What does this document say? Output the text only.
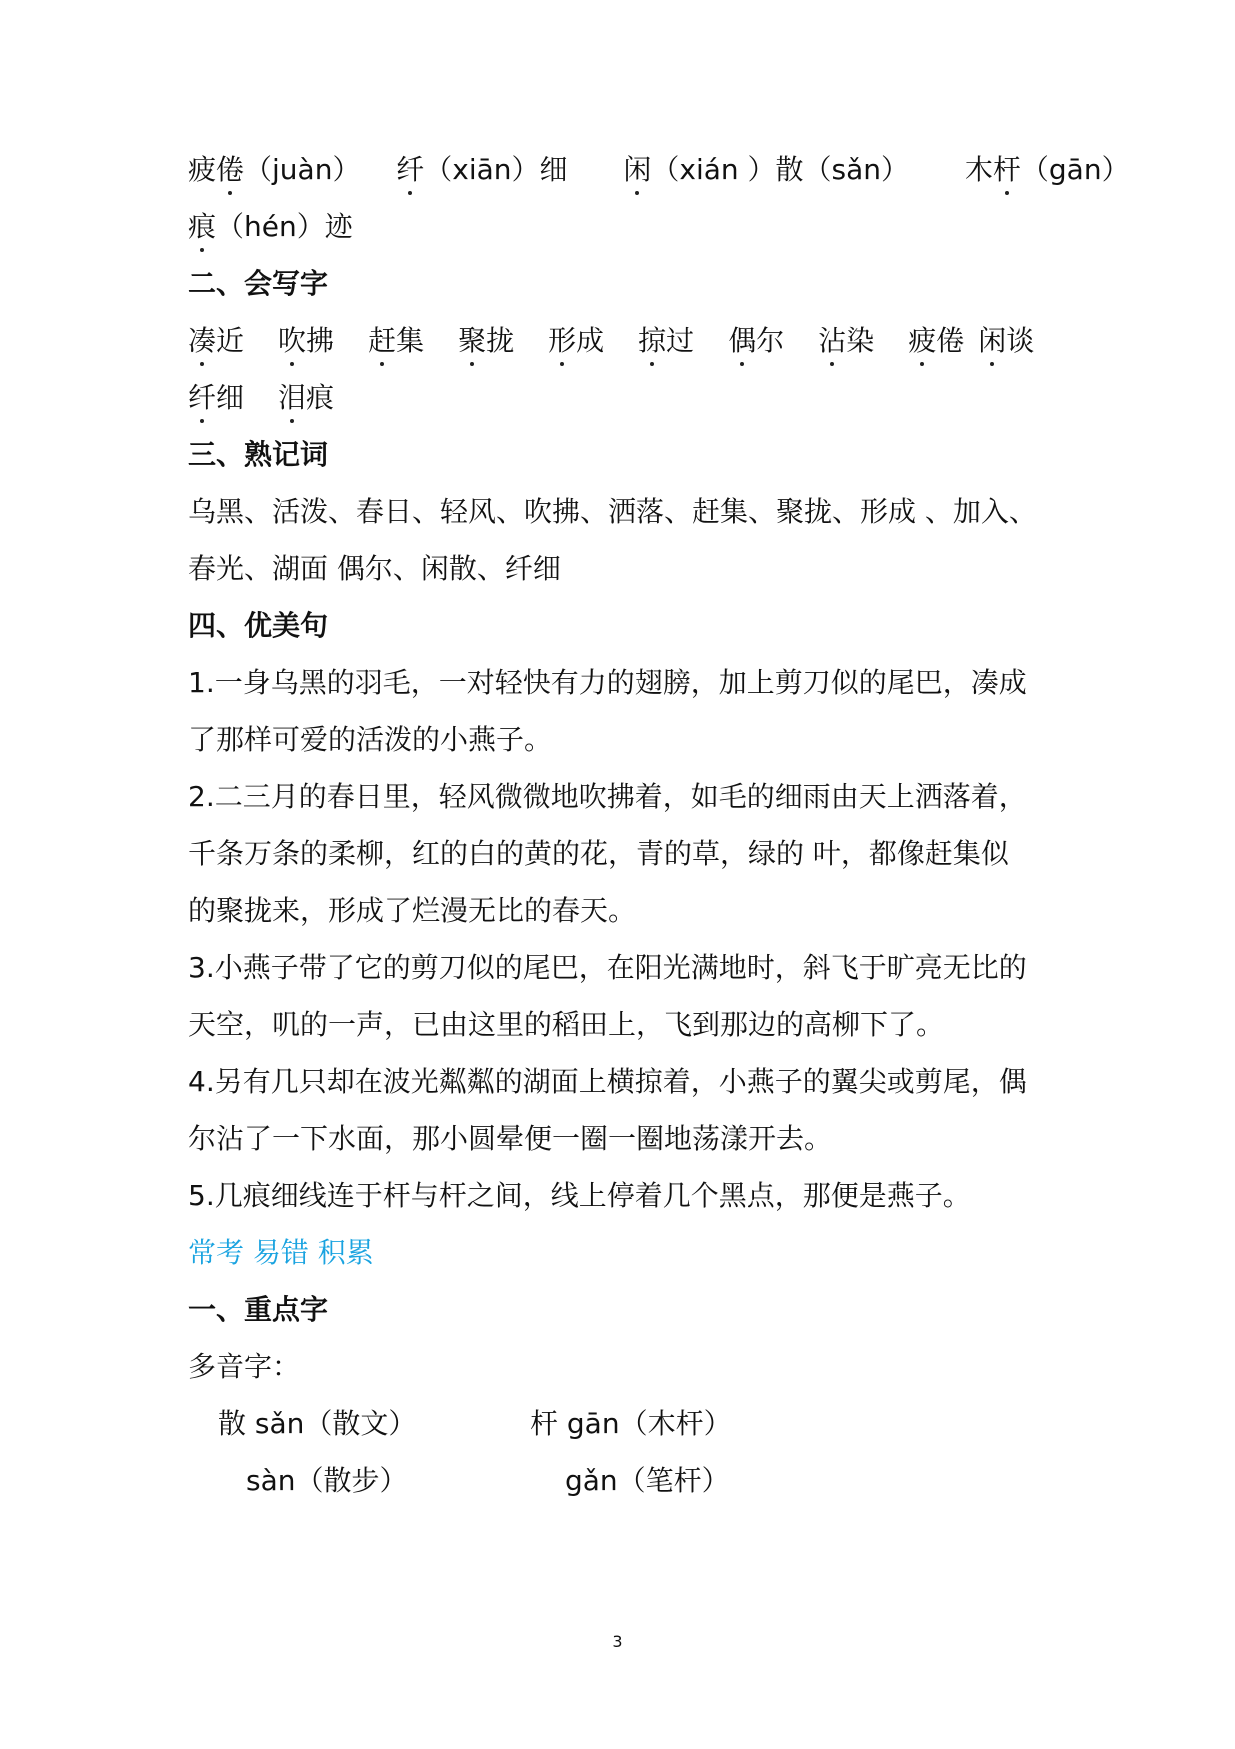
疲倦（juàn） 纤（xiān）细 闲（xián ）散（sǎn） 木杆（gān）
痕（hén）迹
二、会写字
凑近 吹拂 赶集 聚拢 形成 掠过 偶尔 沾染 疲倦 闲谈
纤细 泪痕
三、熟记词
乌黑、活泼、春日、轻风、吹拂、洒落、赶集、聚拢、形成 、加入、
春光、湖面 偶尔、闲散、纤细
四、优美句
1.一身乌黑的羽毛，一对轻快有力的翅膀，加上剪刀似的尾巴，凑成
了那样可爱的活泼的小燕子。
2.二三月的春日里，轻风微微地吹拂着，如毛的细雨由天上洒落着，
千条万条的柔柳，红的白的黄的花，青的草，绿的 叶，都像赶集似
的聚拢来，形成了烂漫无比的春天。
3.小燕子带了它的剪刀似的尾巴，在阳光满地时，斜飞于旷亮无比的
天空，叽的一声，已由这里的稻田上，飞到那边的高柳下了。
4.另有几只却在波光粼粼的湖面上横掠着，小燕子的翼尖或剪尾，偶
尔沾了一下水面，那小圆晕便一圈一圈地荡漾开去。
5.几痕细线连于杆与杆之间，线上停着几个黑点，那便是燕子。
常考 易错 积累
一、重点字
多音字：
散 sǎn（散文）	杆 gān（木杆）
sàn（散步）	gǎn（笔杆）
3
